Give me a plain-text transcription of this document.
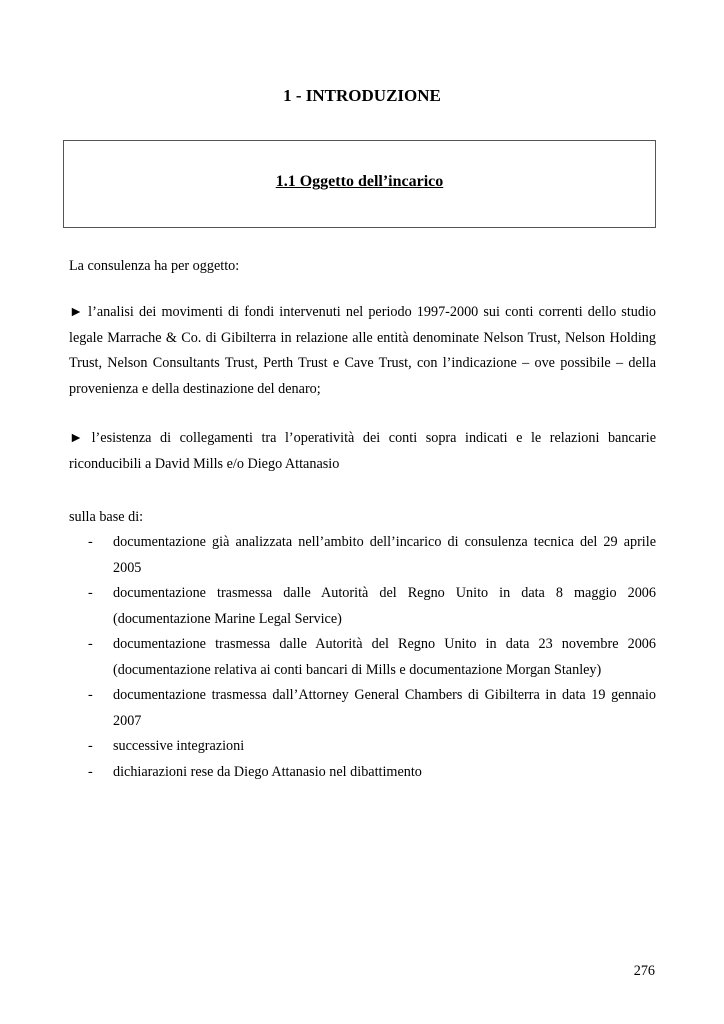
1 - INTRODUZIONE
1.1 Oggetto dell’incarico
La consulenza ha per oggetto:
► l’analisi dei movimenti di fondi intervenuti nel periodo 1997-2000 sui conti correnti dello studio legale Marrache & Co. di Gibilterra in relazione alle entità denominate Nelson Trust, Nelson Holding Trust, Nelson Consultants Trust, Perth Trust e Cave Trust, con l’indicazione – ove possibile – della provenienza e della destinazione del denaro;
► l’esistenza di collegamenti tra l’operatività dei conti sopra indicati e le relazioni bancarie riconducibili a David Mills e/o Diego Attanasio
sulla base di:
- documentazione già analizzata nell’ambito dell’incarico di consulenza tecnica del 29 aprile 2005
- documentazione trasmessa dalle Autorità del Regno Unito in data 8 maggio 2006 (documentazione Marine Legal Service)
- documentazione trasmessa dalle Autorità del Regno Unito in data 23 novembre 2006 (documentazione relativa ai conti bancari di Mills e documentazione Morgan Stanley)
- documentazione trasmessa dall’Attorney General Chambers di Gibilterra in data 19 gennaio 2007
- successive integrazioni
- dichiarazioni rese da Diego Attanasio nel dibattimento
276
